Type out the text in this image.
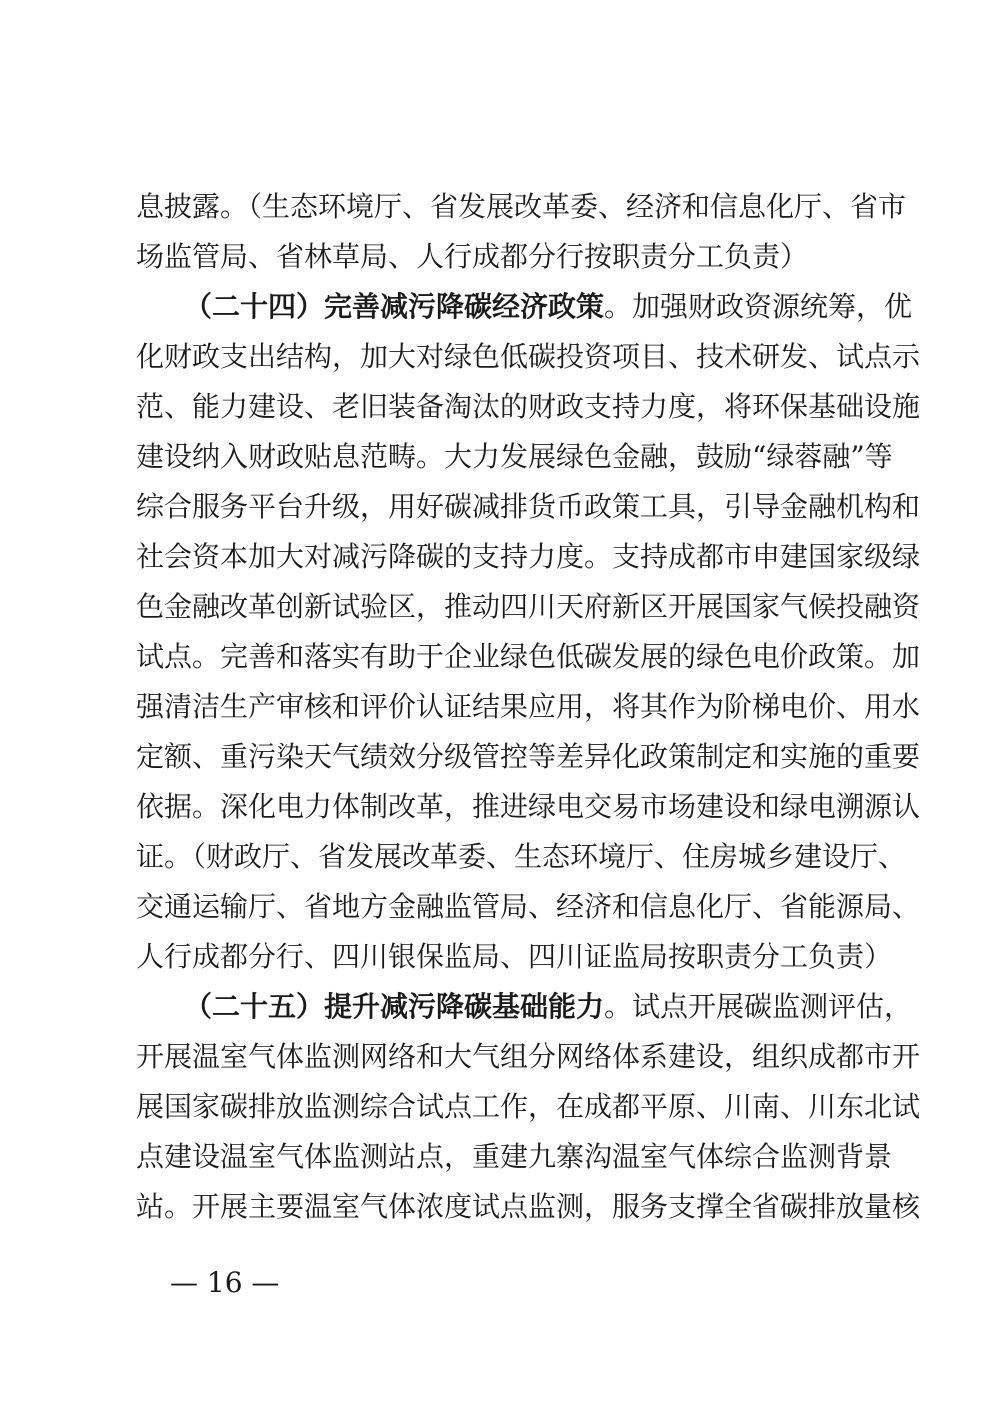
息披露。（生态环境厅、省发展改革委、经济和信息化厅、省市
场监管局、省林草局、人行成都分行按职责分工负责）
（二十四）完善减污降碳经济政策。加强财政资源统筹，优
化财政支出结构，加大对绿色低碳投资项目、技术研发、试点示
范、能力建设、老旧装备淘汰的财政支持力度，将环保基础设施
建设纳入财政贴息范畴。大力发展绿色金融，鼓励“绿蓉融”等
综合服务平台升级，用好碳减排货币政策工具，引导金融机构和
社会资本加大对减污降碳的支持力度。支持成都市申建国家级绿
色金融改革创新试验区，推动四川天府新区开展国家气候投融资
试点。完善和落实有助于企业绿色低碳发展的绿色电价政策。加
强清洁生产审核和评价认证结果应用，将其作为阶梯电价、用水
定额、重污染天气绩效分级管控等差异化政策制定和实施的重要
依据。深化电力体制改革，推进绿电交易市场建设和绿电溯源认
证。（财政厅、省发展改革委、生态环境厅、住房城乡建设厅、
交通运输厅、省地方金融监管局、经济和信息化厅、省能源局、
人行成都分行、四川银保监局、四川证监局按职责分工负责）
（二十五）提升减污降碳基础能力。试点开展碳监测评估，
开展温室气体监测网络和大气组分网络体系建设，组织成都市开
展国家碳排放监测综合试点工作，在成都平原、川南、川东北试
点建设温室气体监测站点，重建九寨沟温室气体综合监测背景
站。开展主要温室气体浓度试点监测，服务支撑全省碳排放量核
— 16 —
